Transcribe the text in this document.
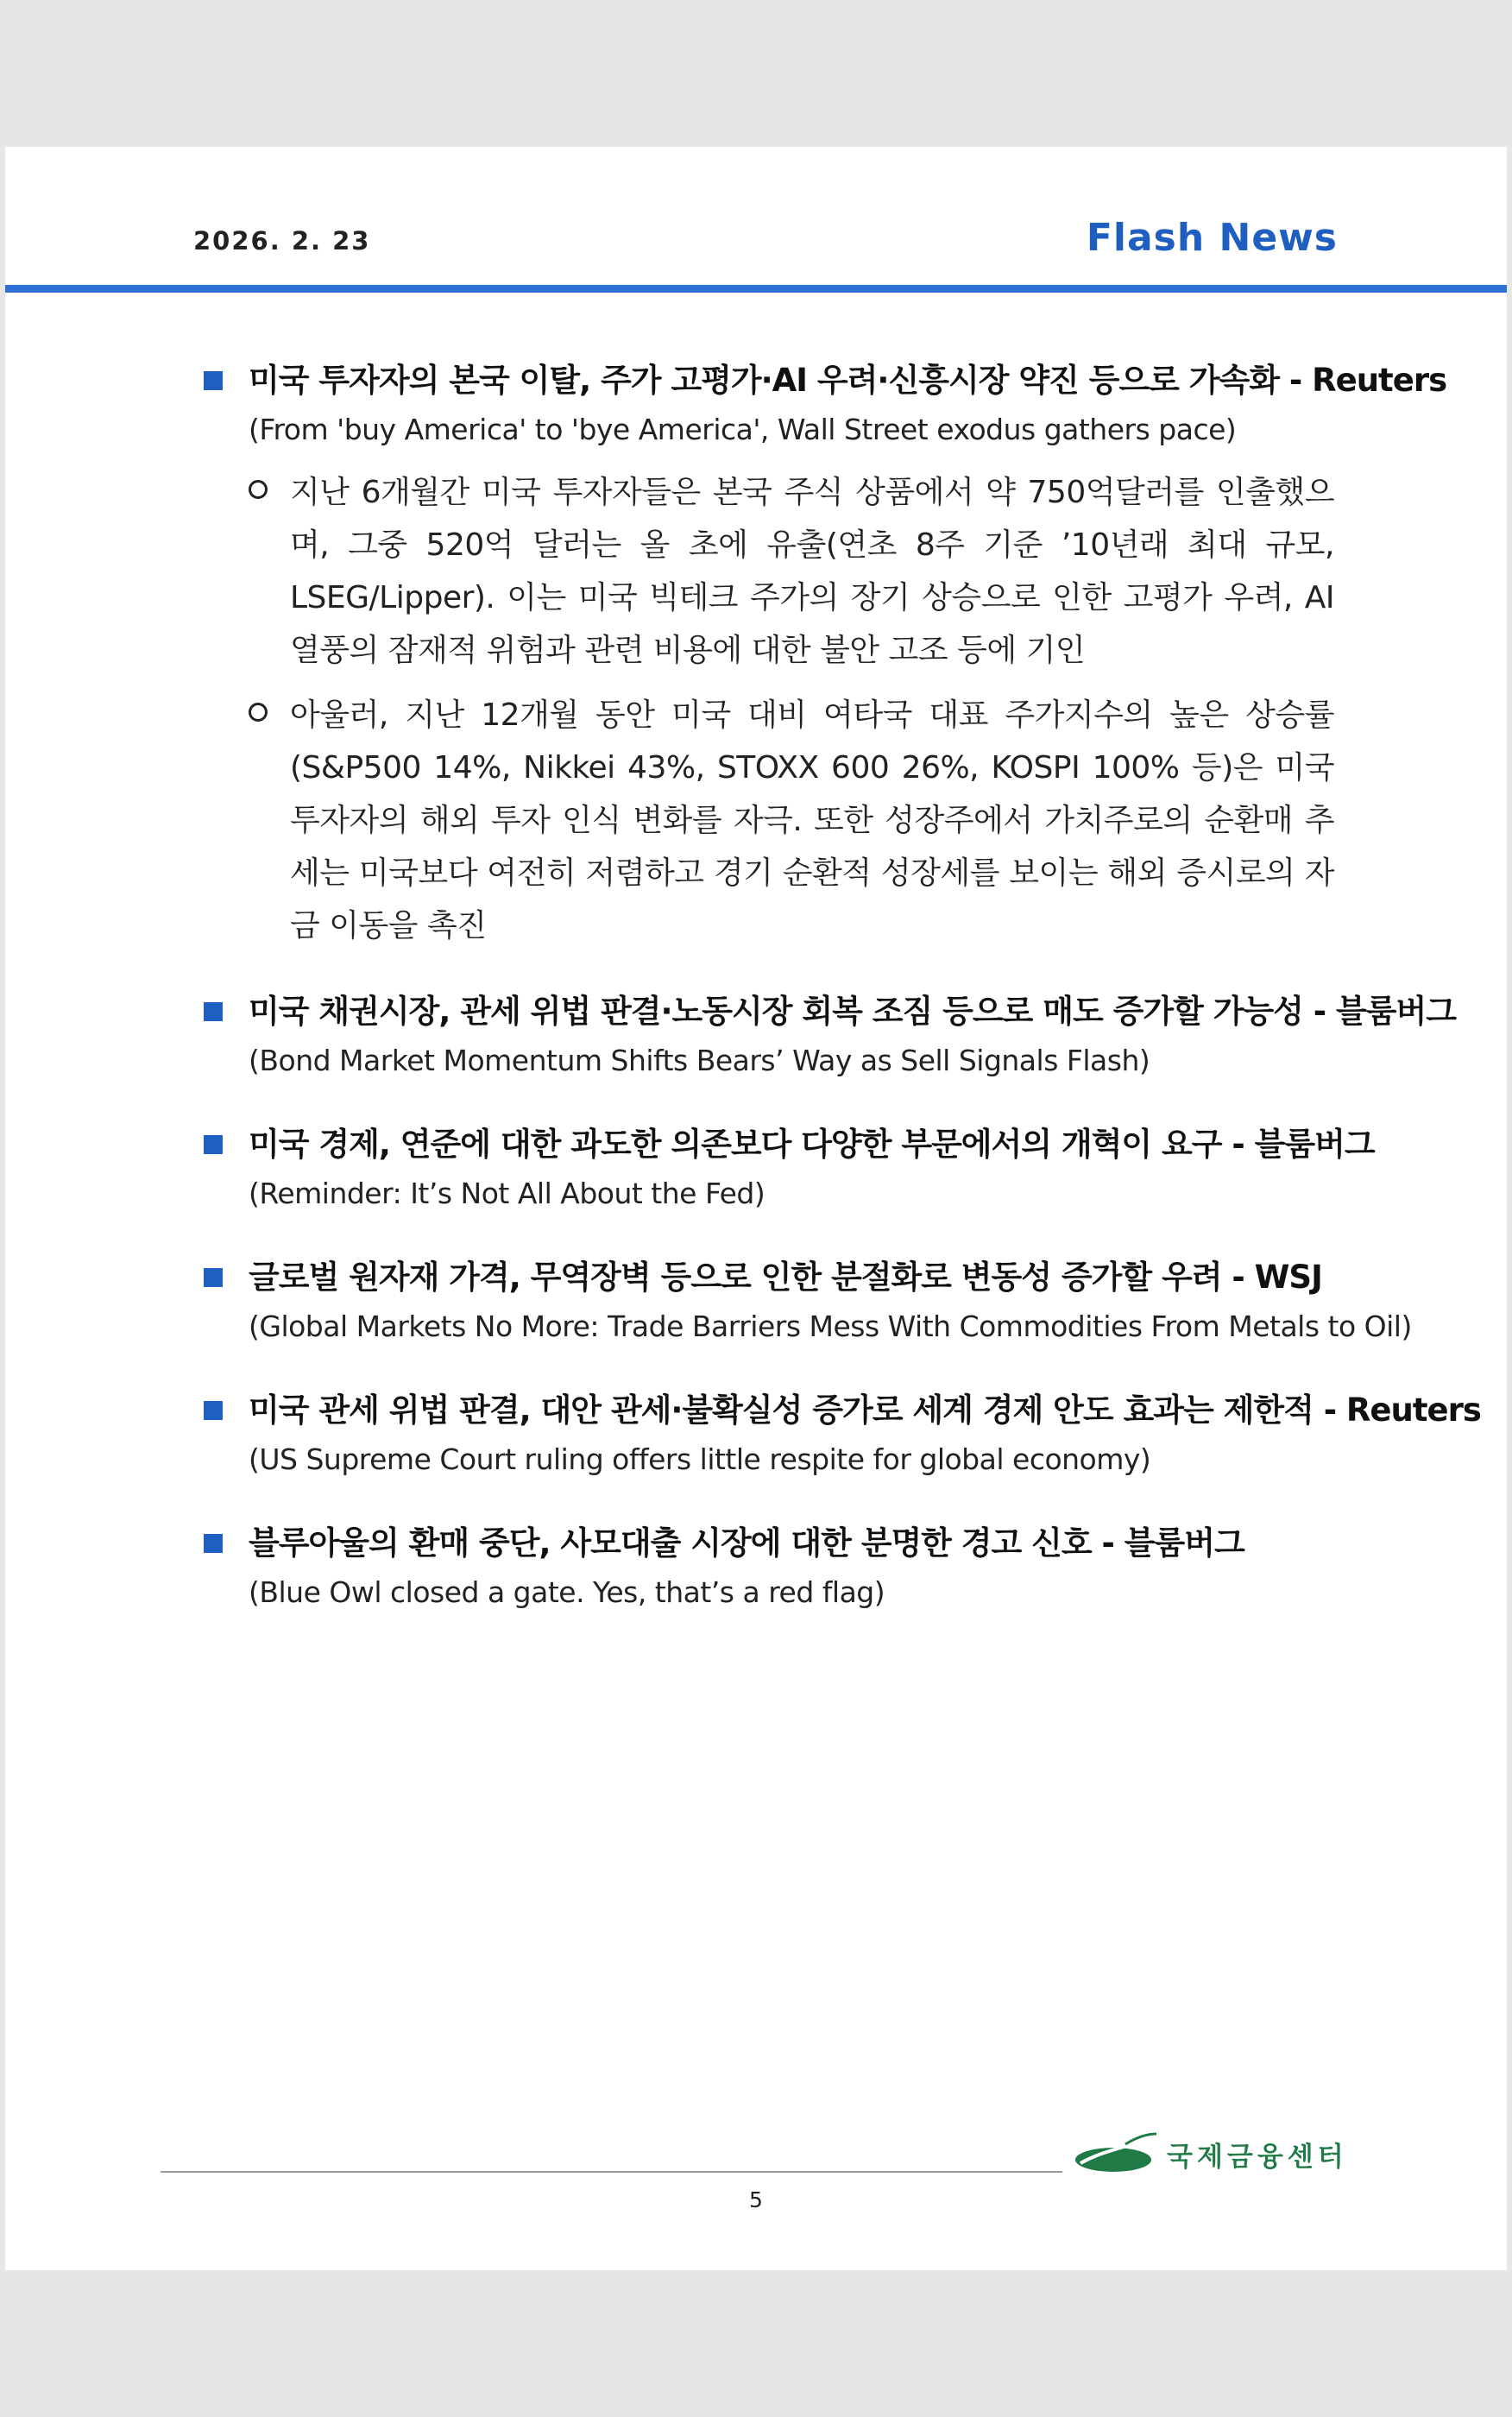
2026. 2. 23	Flash News
미국 투자자의 본국 이탈, 주가 고평가·AI 우려·신흥시장 약진 등으로 가속화 - Reuters
(From 'buy America' to 'bye America', Wall Street exodus gathers pace)
지난 6개월간 미국 투자자들은 본국 주식 상품에서 약 750억달러를 인출했으며, 그중 520억 달러는 올 초에 유출(연초 8주 기준 ’10년래 최대 규모, LSEG/Lipper). 이는 미국 빅테크 주가의 장기 상승으로 인한 고평가 우려, AI 열풍의 잠재적 위험과 관련 비용에 대한 불안 고조 등에 기인
아울러, 지난 12개월 동안 미국 대비 여타국 대표 주가지수의 높은 상승률(S&P500 14%, Nikkei 43%, STOXX 600 26%, KOSPI 100% 등)은 미국 투자자의 해외 투자 인식 변화를 자극. 또한 성장주에서 가치주로의 순환매 추세는 미국보다 여전히 저렴하고 경기 순환적 성장세를 보이는 해외 증시로의 자금 이동을 촉진
미국 채권시장, 관세 위법 판결·노동시장 회복 조짐 등으로 매도 증가할 가능성 - 블룸버그
(Bond Market Momentum Shifts Bears’ Way as Sell Signals Flash)
미국 경제, 연준에 대한 과도한 의존보다 다양한 부문에서의 개혁이 요구 - 블룸버그
(Reminder: It’s Not All About the Fed)
글로벌 원자재 가격, 무역장벽 등으로 인한 분절화로 변동성 증가할 우려 - WSJ
(Global Markets No More: Trade Barriers Mess With Commodities From Metals to Oil)
미국 관세 위법 판결, 대안 관세·불확실성 증가로 세계 경제 안도 효과는 제한적 - Reuters
(US Supreme Court ruling offers little respite for global economy)
블루아울의 환매 중단, 사모대출 시장에 대한 분명한 경고 신호 - 블룸버그
(Blue Owl closed a gate. Yes, that’s a red flag)
국제금융센터
5
